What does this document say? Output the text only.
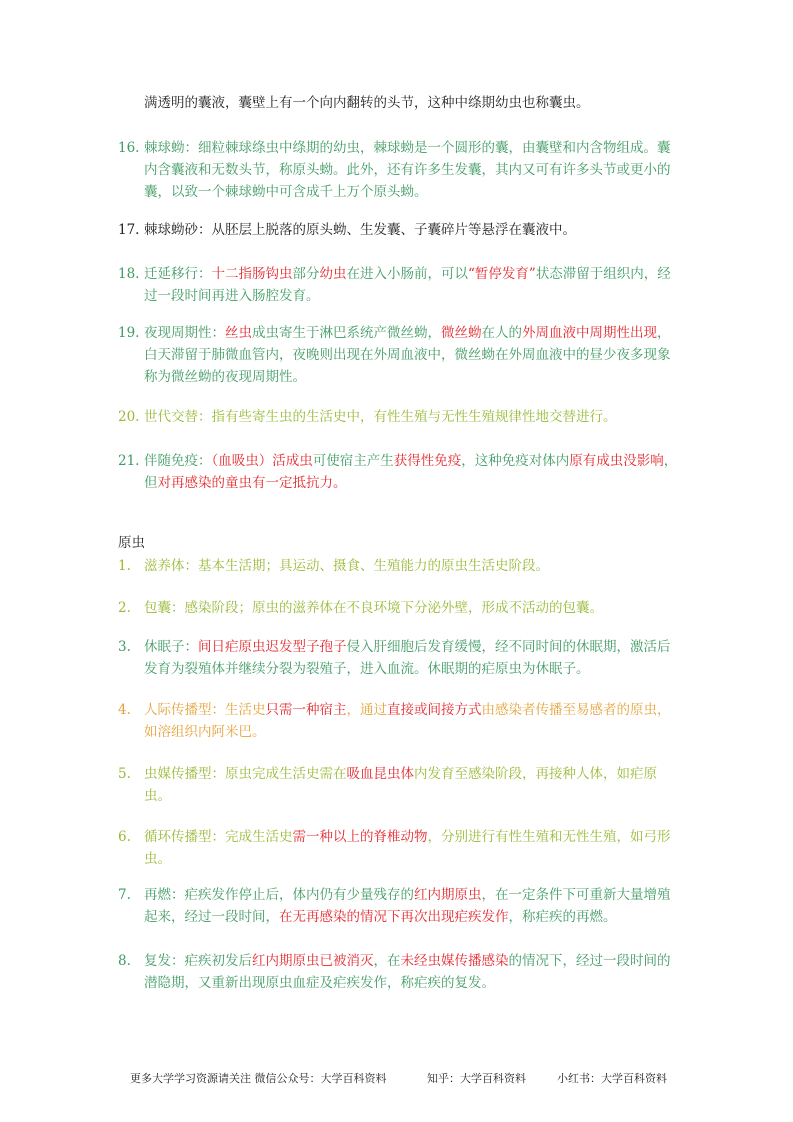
满透明的囊液，囊壁上有一个向内翻转的头节，这种中绦期幼虫也称囊虫。
16. 棘球蚴：细粒棘球绦虫中绦期的幼虫，棘球蚴是一个圆形的囊，由囊壁和内含物组成。囊内含囊液和无数头节，称原头蚴。此外，还有许多生发囊，其内又可有许多头节或更小的囊，以致一个棘球蚴中可含成千上万个原头蚴。
17. 棘球蚴砂：从胚层上脱落的原头蚴、生发囊、子囊碎片等悬浮在囊液中。
18. 迁延移行：十二指肠钩虫部分幼虫在进入小肠前，可以“暂停发育”状态滞留于组织内，经过一段时间再进入肠腔发育。
19. 夜现周期性：丝虫成虫寄生于淋巴系统产微丝蚴，微丝蚴在人的外周血液中周期性出现，白天滞留于肺微血管内，夜晚则出现在外周血液中，微丝蚴在外周血液中的昼少夜多现象称为微丝蚴的夜现周期性。
20. 世代交替：指有些寄生虫的生活史中，有性生殖与无性生殖规律性地交替进行。
21. 伴随免疫：（血吸虫）活成虫可使宿主产生获得性免疫，这种免疫对体内原有成虫没影响，但对再感染的童虫有一定抵抗力。
原虫
1. 滋养体：基本生活期；具运动、摄食、生殖能力的原虫生活史阶段。
2. 包囊：感染阶段；原虫的滋养体在不良环境下分泌外壁，形成不活动的包囊。
3. 休眠子：间日疟原虫迟发型子孢子侵入肝细胞后发育缓慢，经不同时间的休眠期，激活后发育为裂殖体并继续分裂为裂殖子，进入血流。休眠期的疟原虫为休眠子。
4. 人际传播型：生活史只需一种宿主，通过直接或间接方式由感染者传播至易感者的原虫，如溶组织内阿米巴。
5. 虫媒传播型：原虫完成生活史需在吸血昆虫体内发育至感染阶段，再接种人体，如疟原虫。
6. 循环传播型：完成生活史需一种以上的脊椎动物，分别进行有性生殖和无性生殖，如弓形虫。
7. 再燃：疟疾发作停止后，体内仍有少量残存的红内期原虫，在一定条件下可重新大量增殖起来，经过一段时间，在无再感染的情况下再次出现疟疾发作，称疟疾的再燃。
8. 复发：疟疾初发后红内期原虫已被消灭，在未经虫媒传播感染的情况下，经过一段时间的潜隐期，又重新出现原虫血症及疟疾发作，称疟疾的复发。
更多大学学习资源请关注 微信公众号：大学百科资料	知乎：大学百科资料	小红书：大学百科资料
